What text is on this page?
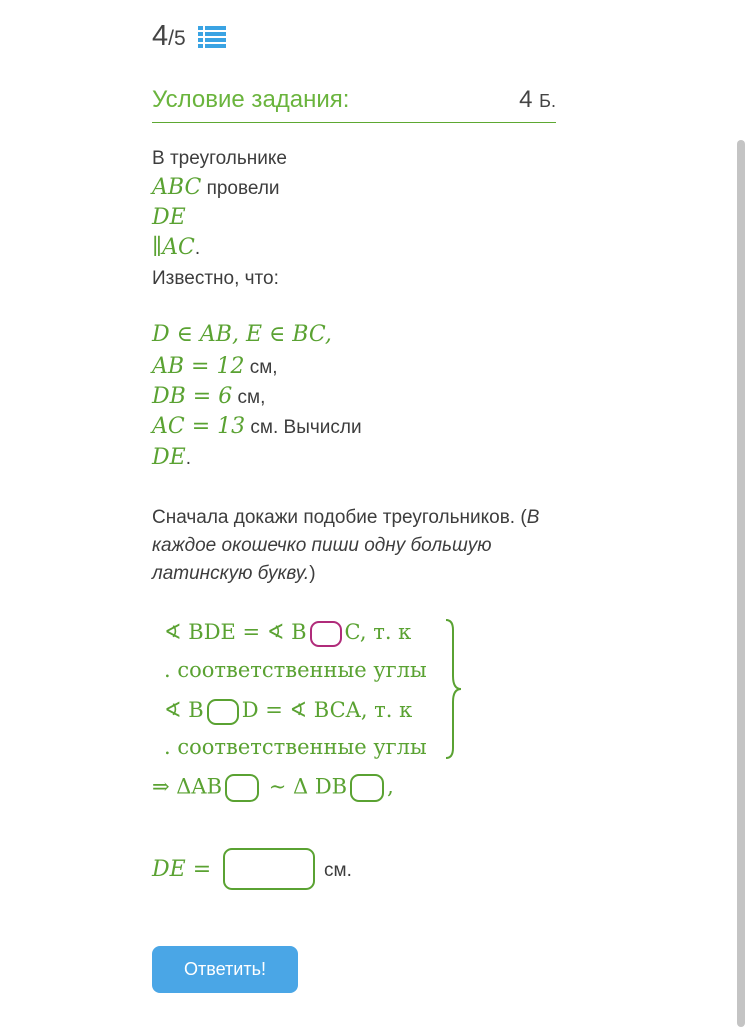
4 /5
Условие задания:	4 Б.
В треугольнике
ABC провели
DE
∥AC.
Известно, что:
D ∈ AB, E ∈ BC,
AB = 12 см,
DB = 6 см,
AC = 13 см. Вычисли
DE.
Сначала докажи подобие треугольников. (В каждое окошечко пиши одну большую латинскую букву.)
∢ BDE = ∢ B C, т. к
. соответственные углы
∢ B D = ∢ BCA, т. к
. соответственные углы
⇒ ΔAB ∼ Δ DB ,
DE =	см.
Ответить!
